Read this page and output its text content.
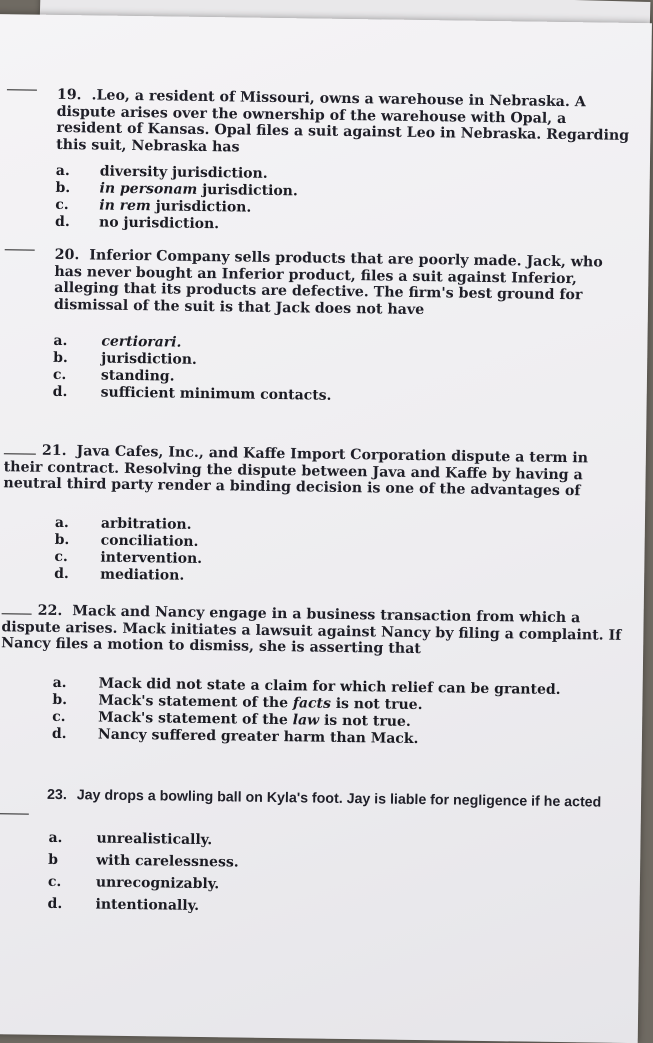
19. .Leo, a resident of Missouri, owns a warehouse in Nebraska. A dispute arises over the ownership of the warehouse with Opal, a resident of Kansas. Opal files a suit against Leo in Nebraska. Regarding this suit, Nebraska has

a. diversity jurisdiction.
b. in personam jurisdiction.
c. in rem jurisdiction.
d. no jurisdiction.

20. Inferior Company sells products that are poorly made. Jack, who has never bought an Inferior product, files a suit against Inferior, alleging that its products are defective. The firm's best ground for dismissal of the suit is that Jack does not have

a. certiorari.
b. jurisdiction.
c. standing.
d. sufficient minimum contacts.

21. Java Cafes, Inc., and Kaffe Import Corporation dispute a term in their contract. Resolving the dispute between Java and Kaffe by having a neutral third party render a binding decision is one of the advantages of

a. arbitration.
b. conciliation.
c. intervention.
d. mediation.

22. Mack and Nancy engage in a business transaction from which a dispute arises. Mack initiates a lawsuit against Nancy by filing a complaint. If Nancy files a motion to dismiss, she is asserting that

a. Mack did not state a claim for which relief can be granted.
b. Mack's statement of the facts is not true.
c. Mack's statement of the law is not true.
d. Nancy suffered greater harm than Mack.

23. Jay drops a bowling ball on Kyla's foot. Jay is liable for negligence if he acted

a. unrealistically.
b	with carelessness.
c. unrecognizably.
d. intentionally.
